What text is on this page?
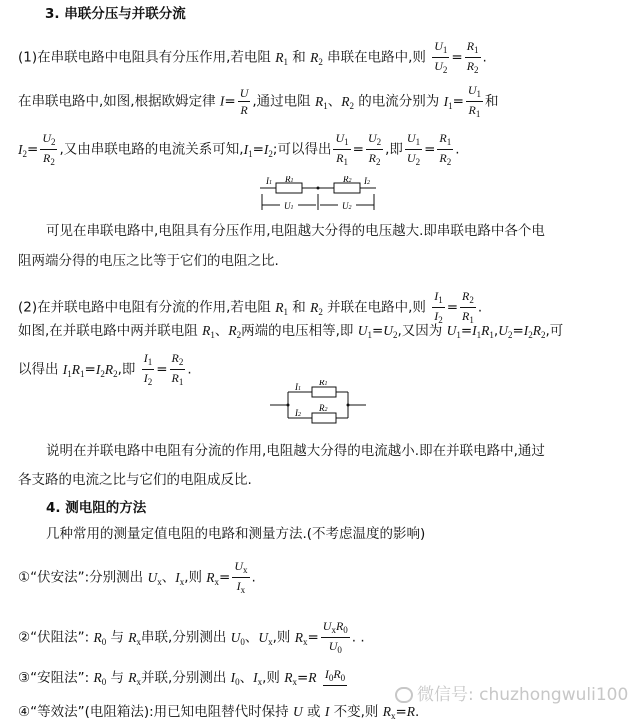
3. 串联分压与并联分流
(1)在串联电路中电阻具有分压作用,若电阻 $R_1$ 和 $R_2$ 串联在电路中,则 $\frac{U_1}{U_2} = \frac{R_1}{R_2}$ .
在串联电路中,如图,根据欧姆定律 $I= \frac{U}{R}$ ,通过电阻 $R_1$、$R_2$ 的电流分别为 $I_1= \frac{U_1}{R_1}$ 和
$I_2= \frac{U_2}{R_2}$ ,又由串联电路的电流关系可知$,I_1=I_2$;可以得出 $\frac{U_1}{R_1} = \frac{U_2}{R_2}$ ,即 $\frac{U_1}{U_2} = \frac{R_1}{R_2}$ .
I1 R1	R2 I2
U1	U2
可见在串联电路中,电阻具有分压作用,电阻越大分得的电压越大.即串联电路中各个电
阻两端分得的电压之比等于它们的电阻之比.
(2)在并联电路中电阻有分流的作用,若电阻 $R_1$ 和 $R_2$ 并联在电路中,则 $\frac{I_1}{I_2} = \frac{R_2}{R_1}$ .
如图,在并联电路中两并联电阻 $R_1$、$R_2$两端的电压相等,即 $U_1=U_2$,又因为 $U_1=I_1R_1,U_2=I_2R_2$,可
以得出 $I_1R_1=I_2R_2$,即 $\frac{I_1}{I_2} = \frac{R_2}{R_1}$ .
I1
R1
I2
R2
说明在并联电路中电阻有分流的作用,电阻越大分得的电流越小.即在并联电路中,通过
各支路的电流之比与它们的电阻成反比.
4. 测电阻的方法
几种常用的测量定值电阻的电路和测量方法.(不考虑温度的影响)
①“伏安法”:分别测出 $U_x$、$I_x$,则 $R_x= \frac{U_x}{I_x}$ .
②“伏阻法”: $R_0$ 与 $R_x$串联,分别测出 $U_0$、$U_x$,则 $R_x= \frac{U_xR_0}{U_0}$ . .
③“安阻法”: $R_0$ 与 $R_x$并联,分别测出 $I_0$、$I_x$,则 $R_x=R$ $I_0R_0$
微信号: chuzhongwuli100
④“等效法”(电阻箱法):用已知电阻替代时保持 U 或 I 不变,则 $R_x=R$.
